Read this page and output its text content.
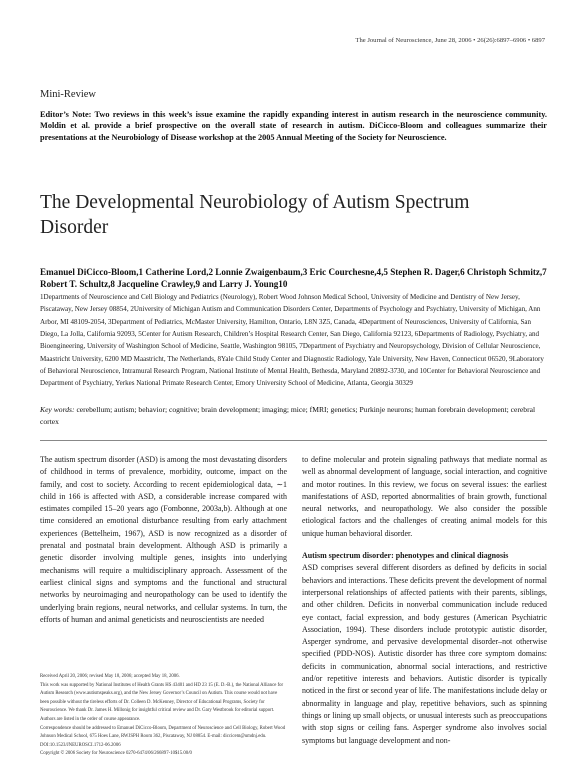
The Journal of Neuroscience, June 28, 2006 • 26(26):6897–6906 • 6897
Mini-Review
Editor’s Note: Two reviews in this week’s issue examine the rapidly expanding interest in autism research in the neuroscience community. Moldin et al. provide a brief prospective on the overall state of research in autism. DiCicco-Bloom and colleagues summarize their presentations at the Neurobiology of Disease workshop at the 2005 Annual Meeting of the Society for Neuroscience.
The Developmental Neurobiology of Autism Spectrum Disorder
Emanuel DiCicco-Bloom,1 Catherine Lord,2 Lonnie Zwaigenbaum,3 Eric Courchesne,4,5 Stephen R. Dager,6 Christoph Schmitz,7 Robert T. Schultz,8 Jacqueline Crawley,9 and Larry J. Young10
1Departments of Neuroscience and Cell Biology and Pediatrics (Neurology), Robert Wood Johnson Medical School, University of Medicine and Dentistry of New Jersey, Piscataway, New Jersey 08854, 2University of Michigan Autism and Communication Disorders Center, Departments of Psychology and Psychiatry, University of Michigan, Ann Arbor, MI 48109-2054, 3Department of Pediatrics, McMaster University, Hamilton, Ontario, L8N 3Z5, Canada, 4Department of Neurosciences, University of California, San Diego, La Jolla, California 92093, 5Center for Autism Research, Children’s Hospital Research Center, San Diego, California 92123, 6Departments of Radiology, Psychiatry, and Bioengineering, University of Washington School of Medicine, Seattle, Washington 98105, 7Department of Psychiatry and Neuropsychology, Division of Cellular Neuroscience, Maastricht University, 6200 MD Maastricht, The Netherlands, 8Yale Child Study Center and Diagnostic Radiology, Yale University, New Haven, Connecticut 06520, 9Laboratory of Behavioral Neuroscience, Intramural Research Program, National Institute of Mental Health, Bethesda, Maryland 20892-3730, and 10Center for Behavioral Neuroscience and Department of Psychiatry, Yerkes National Primate Research Center, Emory University School of Medicine, Atlanta, Georgia 30329
Key words: cerebellum; autism; behavior; cognitive; brain development; imaging; mice; fMRI; genetics; Purkinje neurons; human forebrain development; cerebral cortex
The autism spectrum disorder (ASD) is among the most devastating disorders of childhood in terms of prevalence, morbidity, outcome, impact on the family, and cost to society. According to recent epidemiological data, ∼1 child in 166 is affected with ASD, a considerable increase compared with estimates compiled 15–20 years ago (Fombonne, 2003a,b). Although at one time considered an emotional disturbance resulting from early attachment experiences (Bettelheim, 1967), ASD is now recognized as a disorder of prenatal and postnatal brain development. Although ASD is primarily a genetic disorder involving multiple genes, insights into underlying mechanisms will require a multidisciplinary approach. Assessment of the earliest clinical signs and symptoms and the functional and structural networks by neuroimaging and neuropathology can be used to identify the underlying brain regions, neural networks, and cellular systems. In turn, the efforts of human and animal geneticists and neuroscientists are needed

to define molecular and protein signaling pathways that mediate normal as well as abnormal development of language, social interaction, and cognitive and motor routines. In this review, we focus on several issues: the earliest manifestations of ASD, reported abnormalities of brain growth, functional neural networks, and neuropathology. We also consider the possible etiological factors and the challenges of creating animal models for this unique human behavioral disorder.

Autism spectrum disorder: phenotypes and clinical diagnosis

ASD comprises several different disorders as defined by deficits in social behaviors and interactions. These deficits prevent the development of normal interpersonal relationships of affected patients with their parents, siblings, and other children. Deficits in nonverbal communication include reduced eye contact, facial expression, and body gestures (American Psychiatric Association, 1994). These disorders include prototypic autistic disorder, Asperger syndrome, and pervasive developmental disorder–not otherwise specified (PDD-NOS). Autistic disorder has three core symptom domains: deficits in communication, abnormal social interactions, and restrictive and/or repetitive interests and behaviors. Autistic disorder is typically noticed in the first or second year of life. The manifestations include delay or abnormality in language and play, repetitive behaviors, such as spinning things or lining up small objects, or unusual interests such as preoccupations with stop signs or ceiling fans. Asperger syndrome also involves social symptoms but language development and non-

Received April 20, 2006; revised May 18, 2006; accepted May 18, 2006.
This work was supported by National Institutes of Health Grants HS 43401 and HD 23 15 (E. D.-B.), the National Alliance for Autism Research (www.autismspeaks.org), and the New Jersey Governor’s Council on Autism. This course would not have been possible without the tireless efforts of Dr. Colleen D. McKenney, Director of Educational Programs, Society for Neuroscience. We thank Dr. James H. Millonig for insightful critical review and Dr. Gary Westbrook for editorial support.
Authors are listed in the order of course appearance.
Correspondence should be addressed to Emanuel DiCicco-Bloom, Department of Neuroscience and Cell Biology, Robert Wood Johnson Medical School, 675 Hoes Lane, RWJSPH Room 362, Piscataway, NJ 08854. E-mail: diccicem@umdnj.edu.
DOI:10.1523/JNEUROSCI.1712-06.2006
Copyright © 2006 Society for Neuroscience 0270-6474/06/266897-10$15.00/0
